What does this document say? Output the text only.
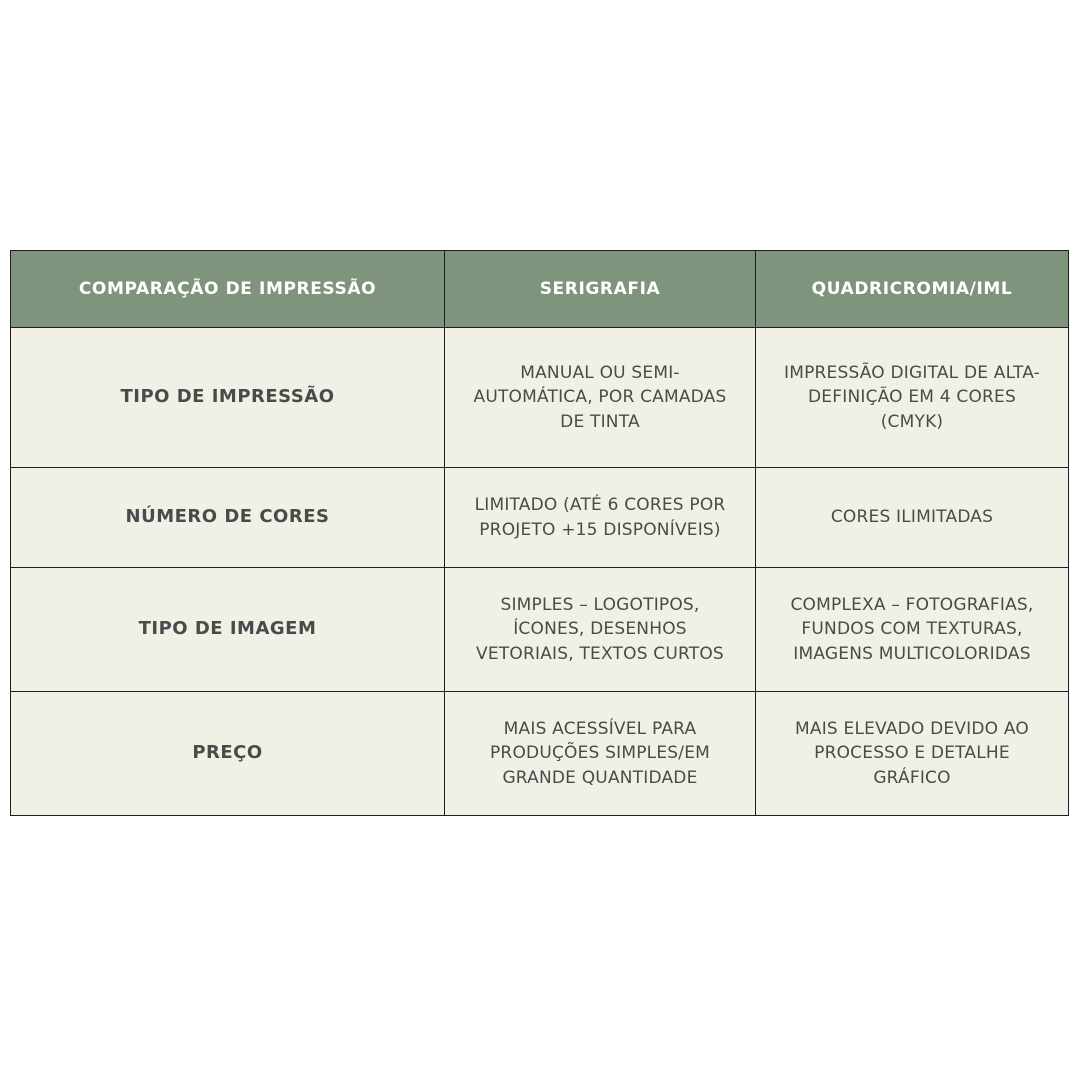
COMPARAÇÃO DE IMPRESSÃO	SERIGRAFIA	QUADRICROMIA/IML
TIPO DE IMPRESSÃO	MANUAL OU SEMI-AUTOMÁTICA, POR CAMADAS DE TINTA	IMPRESSÃO DIGITAL DE ALTA-DEFINIÇÃO EM 4 CORES (CMYK)
NÚMERO DE CORES	LIMITADO (ATÉ 6 CORES POR PROJETO +15 DISPONÍVEIS)	CORES ILIMITADAS
TIPO DE IMAGEM	SIMPLES – LOGOTIPOS, ÍCONES, DESENHOS VETORIAIS, TEXTOS CURTOS	COMPLEXA – FOTOGRAFIAS, FUNDOS COM TEXTURAS, IMAGENS MULTICOLORIDAS
PREÇO	MAIS ACESSÍVEL PARA PRODUÇÕES SIMPLES/EM GRANDE QUANTIDADE	MAIS ELEVADO DEVIDO AO PROCESSO E DETALHE GRÁFICO
